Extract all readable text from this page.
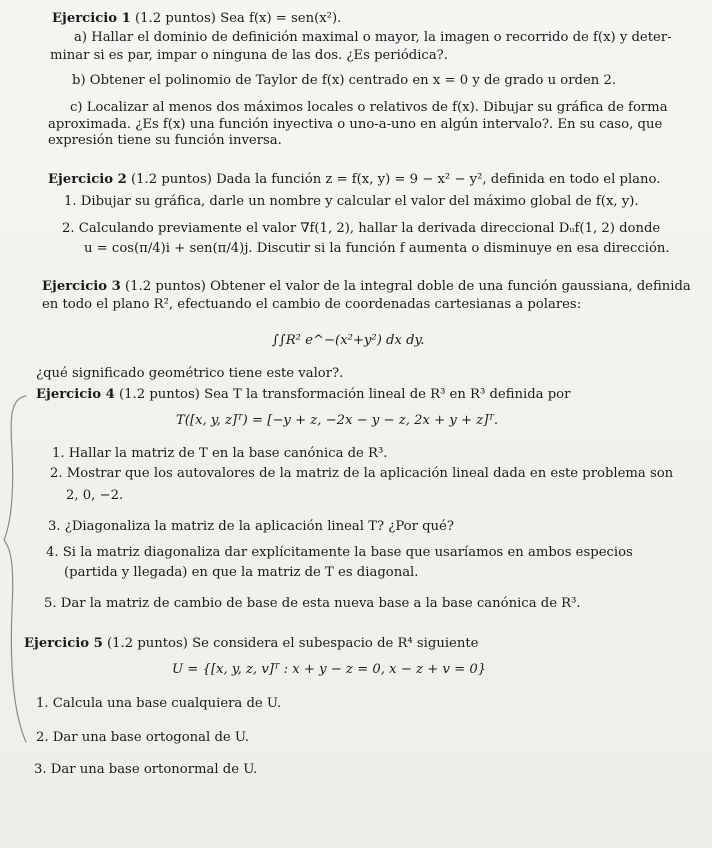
Ejercicio 1 (1.2 puntos) Sea f(x) = sen(x²).
a) Hallar el dominio de definición maximal o mayor, la imagen o recorrido de f(x) y deter-
minar si es par, impar o ninguna de las dos. ¿Es periódica?.
b) Obtener el polinomio de Taylor de f(x) centrado en x = 0 y de grado u orden 2.
c) Localizar al menos dos máximos locales o relativos de f(x). Dibujar su gráfica de forma
aproximada. ¿Es f(x) una función inyectiva o uno-a-uno en algún intervalo?. En su caso, que
expresión tiene su función inversa.
Ejercicio 2 (1.2 puntos) Dada la función z = f(x, y) = 9 − x² − y², definida en todo el plano.
1. Dibujar su gráfica, darle un nombre y calcular el valor del máximo global de f(x, y).
2. Calculando previamente el valor ∇f(1, 2), hallar la derivada direccional Dᵤf(1, 2) donde
u = cos(π/4)i + sen(π/4)j. Discutir si la función f aumenta o disminuye en esa dirección.
Ejercicio 3 (1.2 puntos) Obtener el valor de la integral doble de una función gaussiana, definida
en todo el plano R², efectuando el cambio de coordenadas cartesianas a polares:
∫∫R² e^−(x²+y²) dx dy.
¿qué significado geométrico tiene este valor?.
Ejercicio 4 (1.2 puntos) Sea T la transformación lineal de R³ en R³ definida por
T([x, y, z]ᵀ) = [−y + z, −2x − y − z, 2x + y + z]ᵀ.
1. Hallar la matriz de T en la base canónica de R³.
2. Mostrar que los autovalores de la matriz de la aplicación lineal dada en este problema son
2, 0, −2.
3. ¿Diagonaliza la matriz de la aplicación lineal T? ¿Por qué?
4. Si la matriz diagonaliza dar explícitamente la base que usaríamos en ambos especios
(partida y llegada) en que la matriz de T es diagonal.
5. Dar la matriz de cambio de base de esta nueva base a la base canónica de R³.
Ejercicio 5 (1.2 puntos) Se considera el subespacio de R⁴ siguiente
U = {[x, y, z, v]ᵀ : x + y − z = 0, x − z + v = 0}
1. Calcula una base cualquiera de U.
2. Dar una base ortogonal de U.
3. Dar una base ortonormal de U.
